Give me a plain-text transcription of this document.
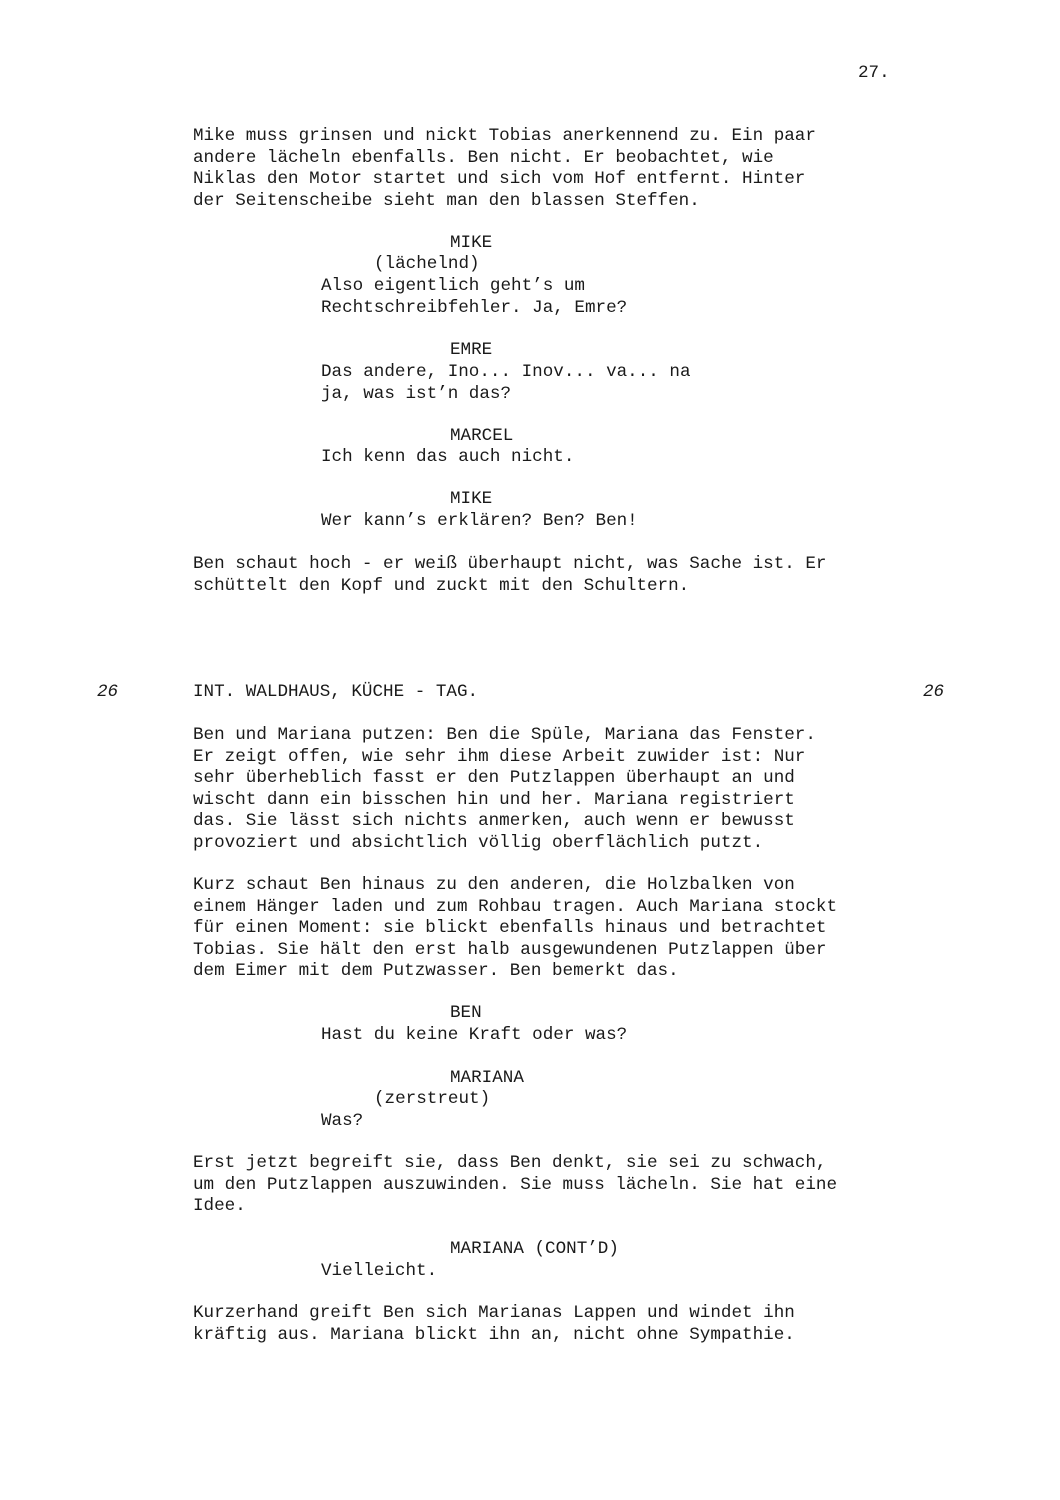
27.
Mike muss grinsen und nickt Tobias anerkennend zu. Ein paar
andere lächeln ebenfalls. Ben nicht. Er beobachtet, wie
Niklas den Motor startet und sich vom Hof entfernt. Hinter
der Seitenscheibe sieht man den blassen Steffen.
MIKE
(lächelnd)
Also eigentlich geht’s um
Rechtschreibfehler. Ja, Emre?
EMRE
Das andere, Ino... Inov... va... na
ja, was ist’n das?
MARCEL
Ich kenn das auch nicht.
MIKE
Wer kann’s erklären? Ben? Ben!
Ben schaut hoch - er weiß überhaupt nicht, was Sache ist. Er
schüttelt den Kopf und zuckt mit den Schultern.
26	INT. WALDHAUS, KÜCHE - TAG.	26
Ben und Mariana putzen: Ben die Spüle, Mariana das Fenster.
Er zeigt offen, wie sehr ihm diese Arbeit zuwider ist: Nur
sehr überheblich fasst er den Putzlappen überhaupt an und
wischt dann ein bisschen hin und her. Mariana registriert
das. Sie lässt sich nichts anmerken, auch wenn er bewusst
provoziert und absichtlich völlig oberflächlich putzt.
Kurz schaut Ben hinaus zu den anderen, die Holzbalken von
einem Hänger laden und zum Rohbau tragen. Auch Mariana stockt
für einen Moment: sie blickt ebenfalls hinaus und betrachtet
Tobias. Sie hält den erst halb ausgewundenen Putzlappen über
dem Eimer mit dem Putzwasser. Ben bemerkt das.
BEN
Hast du keine Kraft oder was?
MARIANA
(zerstreut)
Was?
Erst jetzt begreift sie, dass Ben denkt, sie sei zu schwach,
um den Putzlappen auszuwinden. Sie muss lächeln. Sie hat eine
Idee.
MARIANA (CONT’D)
Vielleicht.
Kurzerhand greift Ben sich Marianas Lappen und windet ihn
kräftig aus. Mariana blickt ihn an, nicht ohne Sympathie.
